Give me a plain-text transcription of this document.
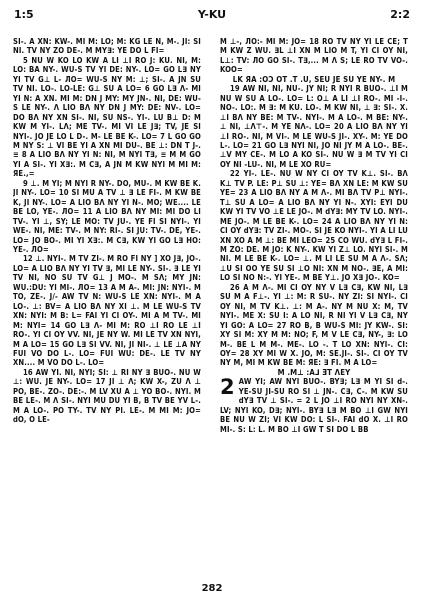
1:5	Y-KU	2:2

SI-. A XN: KW-. MI M: LO; M: KG LE N, M-. JI: SI NI. TV NY ZO DE-. M MY∃: YE DO L FI=

5 NU W KO LO KW A LI ⊥I RO J: KU. NI, M: LO: BA NY-. WU-S TV YI DE: NY-. LO= GO L∃ NY YI TV G⊥ L- ЛO= WU-S NY M: ⊥; SI-. A JN SU TV NI. LO-. LO-LE: G⊥ SU A LO= 6 GO L∃ Λ- MI YI N: A XN. MI M: DN J MY: MY JN-. NI, DE: WU-S LE NY-. Λ LIO BΛ NY DN J MY: DE: NV-. LO= DO BΛ NY XN SI-. NI, SU NS-. YI-. LU B⊥ D: M KW M YI-. LΛ; ME TV-. MI VI LE J∃; TV, JE SI NYI-. JO JE LO L D-. M- LE BE K-. LO= 7 L GO GO M NY S: ⊥ VI BE YI A XN MI DU-. BE ⊥: DN T J-. ≡ 8 A LIO BΛ NY YI N: NI, M NYI T∃, ≡ M M GO YI A SI-. YI X∃:. M C∃, A JN M KW NYI M MI M: ЯE.,=

9 ⊥. M YI; M NYI R NY-. DO, MU-. M KW BE K. JI NY-. LO= 10 SI MU A TV ⊥ ∃ LE FI-. M KW BE K, JI NY-. LO= A LIO BΛ NY YI N-. MO; WE.... LE BE LO, YE-. ЛO= 11 A LIO BΛ NY MI: MI DO LI TV-. YI ⊥, SY; LE MO: TV JU-. YE FI SI NYI-. YI WE-. NI, ME: TV-. M NY: RI-. SI JU: TV-. DE, YE-. LO= JO BO-. MI YI X∃:. M C∃, KW YI GO L∃ HO: YE-. ЛO=

12 ⊥. NYI-. M TV ZI-. M RO FI NY ] XO J∃, JO-. LO= A LIO BΛ NY YI TV ∃, MI LE NY-. SI-. ∃ LE YI TV NI, NO SU TV G⊥ J MO-. M SΛ; MY JN: WU.:DU: YI MI-. ЛO= 13 A M A-. MI: JN: NYI-. M TO, ZE-. J/- AW TV N: WU-S LE XN: NYI-. M A LO-. ⊥: BV= A LIO BΛ NY XI ⊥. M LE WU-S TV XN: NYI: M B: L= FAI YI CI OY-. MI A M TV-. MI M: NYI= 14 GO L∃ Λ- MI M: RO ⊥I RO LE ⊥I RO-. YI CI OY VV. NI, JE NY W. MI LE TV XN NYI, M A LO= 15 GO L∃ SI VV. NI, JI NI-. ⊥ LE ⊥A NY FUI VO DO L-. LO= FUI WU: DE-. LE TV NY XN.... M VO DO L-. LO=

16 AW YI. NI, NYI; SI: ⊥ RI NY ∃ BUO-. NU W ⊥: WU. JE NY-. LO= 17 JI ⊥ Λ; KW X-, ZU Λ ⊥ PO, BE-. ZO-. DE:-. M LV XU A ⊥ YO BO-. NYI. M BE LE-. M Λ SI-. NYI MU DU YI B, B TV BE YV L-. M A LO-. PO TY-. TV NY PI. LE-. M MI M: JO= dO, O LE-

M ⊥-, ЛO:- MI M: JO= 18 RO TV NY YI LE CE; T M KW Z WU. ∃L ⊥I XN M LIO M T, YI CI OY NI, L⊥: TV: ЛO GO SI-. T∃,... M Λ S; LE RO TV VO-. KOO=

LK ЯA :OƆ OT .T .U, SEU JE SU YE NY-. M

19 AW NI, NI, NU-. JY NI; R NYI R BUO-. ⊥I M NU W SU A LO-. LO= L: O⊥ A LI ⊥I RO-. MI -I-. NO-. LO:. M ∃: M KU. LO-. M KW NI, ⊥ ∃: SI-. X. ⊥I BΛ NY BE: M TV-. NYI-. M A LO-. M BE: NY-. ⊥ NI, ⊥Λ⊤-. M YE NΛ-. LO= 20 A LIO BΛ NY YI ⊥I RO-. NI, M VI-. M LE WU-S JI-. XY-. M: YE DO L-. LO= 21 GO L∃ NYI NI, JO NI JY M A LO-. BE-. ⊥V MY CE-. M LO A KO SI-. NU W ∃ M TV YI CI OY NI -LU-. NI, M LE XO RU=

22 YI-. LE-. NU W NY CI OY TV K⊥. SI-. BΛ K⊥ TV P. LE: P⊥ SU ⊥: YE= BΛ XN LE: M KW SU YE= 23 A LIO BΛ NY A M Λ-. MI BΛ TV P⊥ NYI-. T⊥ SU A LO= A LIO BΛ NY YI N-. XYI: EYI DU KW YI TV VO ⊥E LE JO-. M dY∃: MY TV LO. NYI-. ME JO-. M LE BE K-. LO= 24 A LIO BΛ NY YI N: CI OY dY∃: TV ZI-. MO-. SI JE KO NYI-. YI A LI LU XN XO A M ⊥: BE MI LEO= 25 CO WU. dY∃ L FI-. M ZO: DE. M JO: K NY-. KW YI Z⊥ LO. NYI SI-. M NI. M LE BE K-. LO= ⊥. M LI LE SU M A Λ-. SΛ; ⊥U SI OO YE SU SI ⊥O NI: XN M NO-. ∃E, A MI: LO SI NO N:-. YI YE-. M BE Y⊥. JO X∃ JO-. KO=

26 A M Λ-. MI CI OY NY V L∃ C∃, KW NI, L∃ SU M A F⊥-. YI ⊥: M: R SU-. NY ZI: SI NYI-. CI OY NI, M TV K⊥. ⊥: M A-. NY M NU X: M, TV NYI-. ME X: SU I: A LO NI, R NI YI V L∃ C∃, NY YI GO: A LO= 27 RO B, B WU-S MI: JY KW-. SI: XY SI M: XY M M: NO; F, M V LE C∃, NY-, ∃: LO M-. BE L M M-. ME-. LO -. T LO XN: NYI-. CI: OY= 28 XY MI W X. JO, M: SE.JI-. SI-. CI OY TV NY M, MI M KW BE M: ЯE: ∃ FI. M A LO=

M .M⊥ :A⅃ ƎT ΛEY

2 AW YI; AW NYI BUO-. BY∃; L∃ M YI SI d-. YE-SU JI-SU RO SI ⊥ JN-. C∃, C-. M KW SU dY∃ TV ⊥ SI-. = 2 L JO ⊥I RO NYI NY XN-. LV; NYI KO, D∃; NYI-. BY∃ L∃ M BO ⊥I GW NYI BE NU W ZI; VI KW DO: L SI-. FAI dO X. ⊥I RO MI-. S: L: L. M BO ⊥I GW T SI DO L BB

282
